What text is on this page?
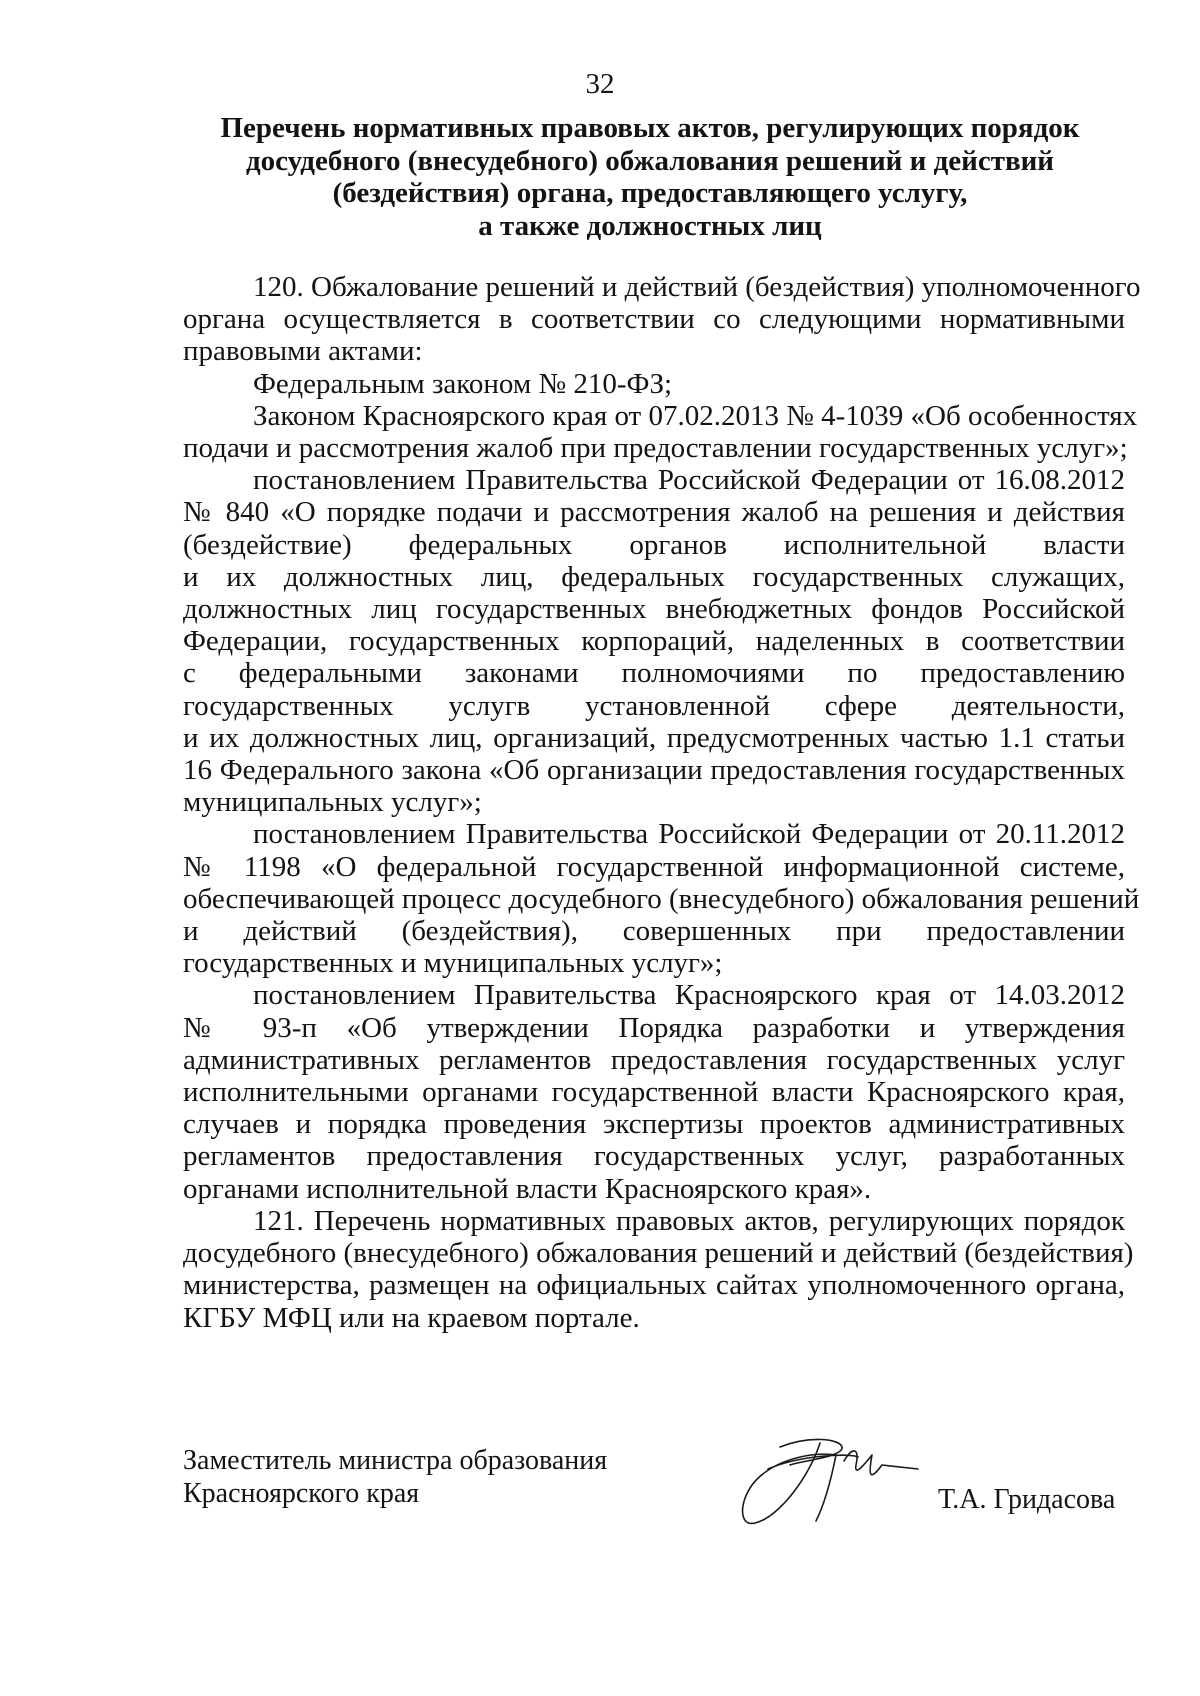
32
Перечень нормативных правовых актов, регулирующих порядок
досудебного (внесудебного) обжалования решений и действий
(бездействия) органа, предоставляющего услугу,
а также должностных лиц

120. Обжалование решений и действий (бездействия) уполномоченного
органа осуществляется в соответствии со следующими нормативными
правовыми актами:

Федеральным законом № 210-ФЗ;

Законом Красноярского края от 07.02.2013 № 4-1039 «Об особенностях
подачи и рассмотрения жалоб при предоставлении государственных услуг»;

постановлением Правительства Российской Федерации от 16.08.2012
№ 840 «О порядке подачи и рассмотрения жалоб на решения и действия
(бездействие) федеральных органов исполнительной власти
и их должностных лиц, федеральных государственных служащих,
должностных лиц государственных внебюджетных фондов Российской
Федерации, государственных корпораций, наделенных в соответствии
с федеральными законами полномочиями по предоставлению
государственных услугв установленной сфере деятельности,
и их должностных лиц, организаций, предусмотренных частью 1.1 статьи
16 Федерального закона «Об организации предоставления государственных
муниципальных услуг»;

постановлением Правительства Российской Федерации от 20.11.2012
№ 1198 «О федеральной государственной информационной системе,
обеспечивающей процесс досудебного (внесудебного) обжалования решений
и действий (бездействия), совершенных при предоставлении
государственных и муниципальных услуг»;

постановлением Правительства Красноярского края от 14.03.2012
№ 93-п «Об утверждении Порядка разработки и утверждения
административных регламентов предоставления государственных услуг
исполнительными органами государственной власти Красноярского края,
случаев и порядка проведения экспертизы проектов административных
регламентов предоставления государственных услуг, разработанных
органами исполнительной власти Красноярского края».

121. Перечень нормативных правовых актов, регулирующих порядок
досудебного (внесудебного) обжалования решений и действий (бездействия)
министерства, размещен на официальных сайтах уполномоченного органа,
КГБУ МФЦ или на краевом портале.

Заместитель министра образования
Красноярского края	Т.А. Гридасова
